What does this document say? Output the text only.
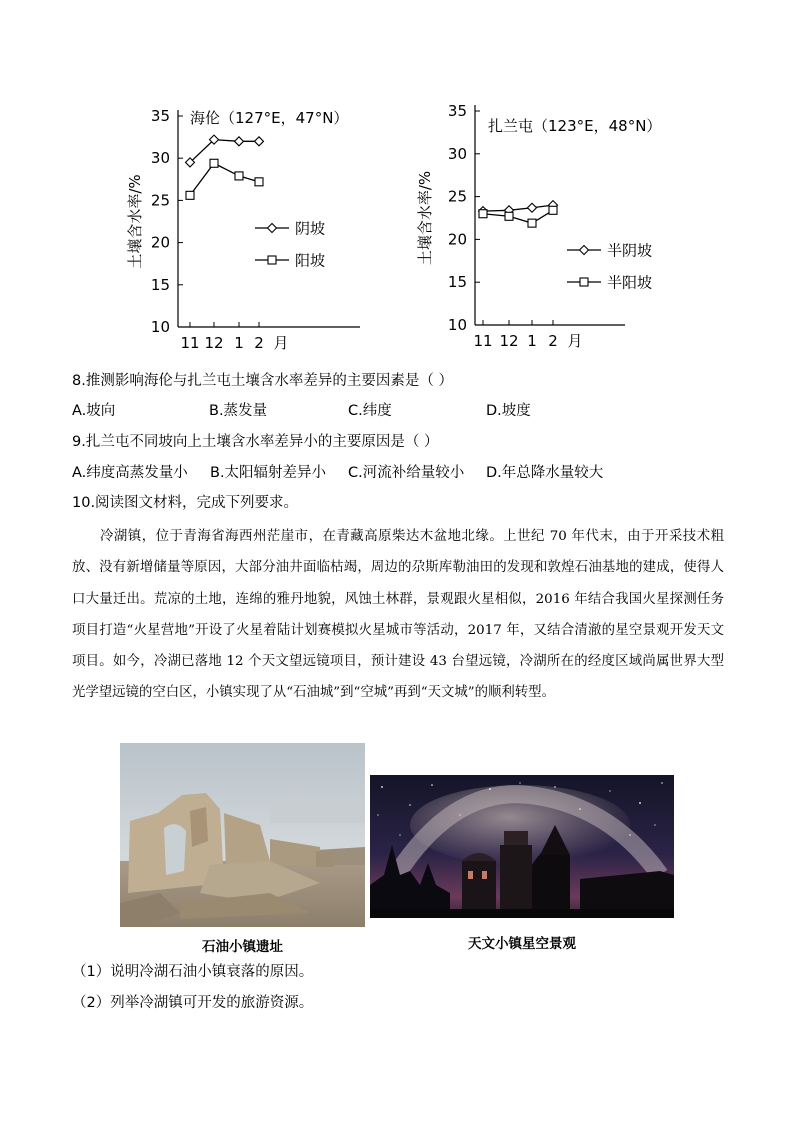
10
15
20
25
30
35
11 12 1 2 月
土壤含水率/%
海伦（127°E，47°N）
阴坡
阳坡
10
15
20
25
30
35
11 12 1 2 月
土壤含水率/%
扎兰屯（123°E，48°N）
半阴坡
半阳坡
8.推测影响海伦与扎兰屯土壤含水率差异的主要因素是（ ）
A.坡向	B.蒸发量	C.纬度	D.坡度
9.扎兰屯不同坡向上土壤含水率差异小的主要原因是（ ）
A.纬度高蒸发量小 B.太阳辐射差异小 C.河流补给量较小 D.年总降水量较大
10.阅读图文材料，完成下列要求。

冷湖镇，位于青海省海西州茫崖市，在青藏高原柴达木盆地北缘。上世纪 70 年代末，由于开采技术粗放、没有新增储量等原因，大部分油井面临枯竭，周边的尕斯库勒油田的发现和敦煌石油基地的建成，使得人口大量迁出。荒凉的土地，连绵的雅丹地貌，风蚀土林群，景观跟火星相似，2016 年结合我国火星探测任务项目打造“火星营地”开设了火星着陆计划赛模拟火星城市等活动，2017 年，又结合清澈的星空景观开发天文项目。如今，冷湖已落地 12 个天文望远镜项目，预计建设 43 台望远镜，冷湖所在的经度区域尚属世界大型光学望远镜的空白区，小镇实现了从“石油城”到“空城”再到“天文城”的顺利转型。

石油小镇遗址	天文小镇星空景观
（1）说明冷湖石油小镇衰落的原因。
（2）列举冷湖镇可开发的旅游资源。
